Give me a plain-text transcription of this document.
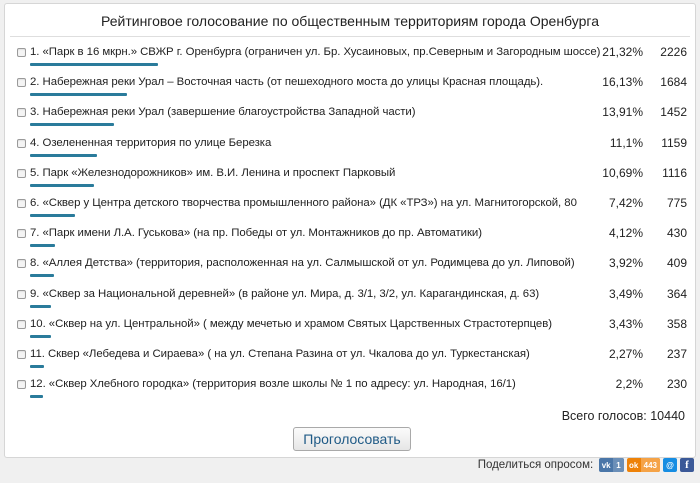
Рейтинговое голосование по общественным территориям города Оренбурга
1. «Парк в 16 мкрн.» СВЖР г. Оренбурга (ограничен ул. Бр. Хусаиновых, пр.Северным и Загородным шоссе) 21,32% 2226
2. Набережная реки Урал – Восточная часть (от пешеходного моста до улицы Красная площадь).	16,13% 1684
3. Набережная реки Урал (завершение благоустройства Западной части)	13,91% 1452
4. Озелененная территория по улице Березка	11,1% 1159
5. Парк «Железнодорожников» им. В.И. Ленина и проспект Парковый	10,69% 1116
6. «Сквер у Центра детского творчества промышленного района» (ДК «ТРЗ») на ул. Магнитогорской, 80	7,42% 775
7. «Парк имени Л.А. Гуськова» (на пр. Победы от ул. Монтажников до пр. Автоматики)	4,12% 430
8. «Аллея Детства» (территория, расположенная на ул. Салмышской от ул. Родимцева до ул. Липовой)	3,92% 409
9. «Сквер за Национальной деревней» (в районе ул. Мира, д. 3/1, 3/2, ул. Карагандинская, д. 63)	3,49% 364
10. «Сквер на ул. Центральной» ( между мечетью и храмом Святых Царственных Страстотерпцев)	3,43% 358
11. Сквер «Лебедева и Сираева» ( на ул. Степана Разина от ул. Чкалова до ул. Туркестанская)	2,27% 237
12. «Сквер Хлебного городка» (территория возле школы № 1 по адресу: ул. Народная, 16/1)	2,2% 230
Всего голосов: 10440
Проголосовать
Поделиться опросом:	vk 1	ok 443	@ f
